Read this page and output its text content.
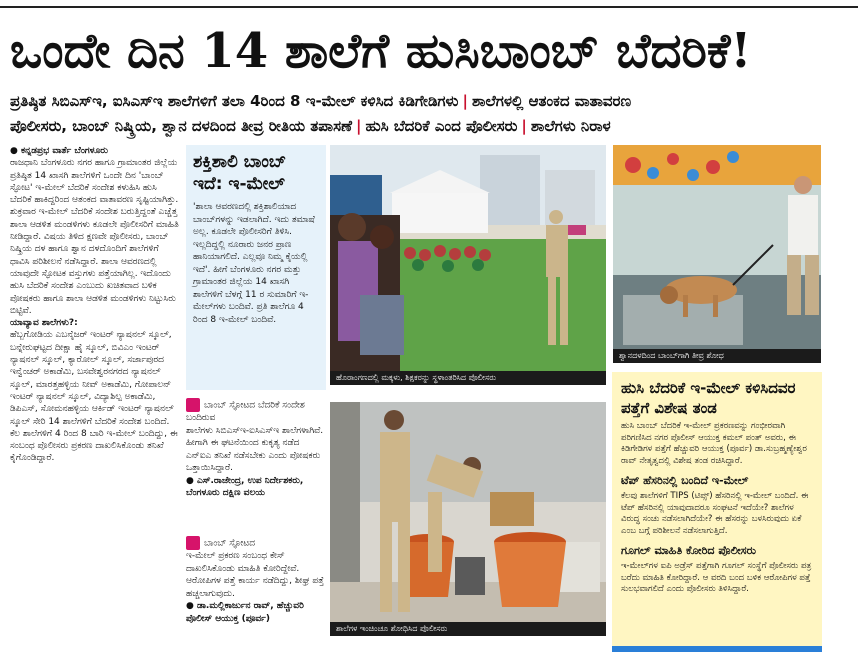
ಒಂದೇ ದಿನ 14 ಶಾಲೆಗೆ ಹುಸಿಬಾಂಬ್ ಬೆದರಿಕೆ!
ಪ್ರತಿಷ್ಠಿತ ಸಿಬಿಎಸ್‌ಇ, ಐಸಿಎಸ್‌ಇ ಶಾಲೆಗಳಿಗೆ ತಲಾ 4ರಿಂದ 8 ಇ-ಮೇಲ್ ಕಳಿಸಿದ ಕಿಡಿಗೇಡಿಗಳು | ಶಾಲೆಗಳಲ್ಲಿ ಆತಂಕದ ವಾತಾವರಣ
ಪೊಲೀಸರು, ಬಾಂಬ್ ನಿಷ್ಕ್ರಿಯ, ಶ್ವಾನ ದಳದಿಂದ ತೀವ್ರ ರೀತಿಯ ತಪಾಸಣೆ | ಹುಸಿ ಬೆದರಿಕೆ ಎಂದ ಪೊಲೀಸರು | ಶಾಲೆಗಳು ನಿರಾಳ
● ಕನ್ನಡಪ್ರಭ ವಾರ್ತೆ ಬೆಂಗಳೂರು
ರಾಜಧಾನಿ ಬೆಂಗಳೂರು ನಗರ ಹಾಗೂ ಗ್ರಾಮಾಂತರ ಜಿಲ್ಲೆಯ ಪ್ರತಿಷ್ಠಿತ 14 ಖಾಸಗಿ ಶಾಲೆಗಳಿಗೆ ಒಂದೇ ದಿನ 'ಬಾಂಬ್ ಸ್ಫೋಟ' ಇ-ಮೇಲ್ ಬೆದರಿಕೆ ಸಂದೇಶ ಕಳುಹಿಸಿ ಹುಸಿ ಬೆದರಿಕೆ ಹಾಕಿದ್ದರಿಂದ ಆತಂಕದ ವಾತಾವರಣ ಸೃಷ್ಟಿಯಾಗಿತ್ತು.
ಶುಕ್ರವಾರ ಇ-ಮೇಲ್ ಬೆದರಿಕೆ ಸಂದೇಶ ಬರುತ್ತಿದ್ದಂತೆ ಎಚ್ಚೆತ್ತ ಶಾಲಾ ಆಡಳಿತ ಮಂಡಳಿಗಳು ಕೂಡಲೇ ಪೊಲೀಸರಿಗೆ ಮಾಹಿತಿ ನೀಡಿದ್ದಾರೆ. ವಿಷಯ ತಿಳಿದ ಕ್ಷಣವೇ ಪೊಲೀಸರು, ಬಾಂಬ್ ನಿಷ್ಕ್ರಿಯ ದಳ ಹಾಗೂ ಶ್ವಾನ ದಳದೊಂದಿಗೆ ಶಾಲೆಗಳಿಗೆ ಧಾವಿಸಿ ಪರಿಶೀಲನೆ ನಡೆಸಿದ್ದಾರೆ. ಶಾಲಾ ಆವರಣದಲ್ಲಿ ಯಾವುದೇ ಸ್ಫೋಟಕ ವಸ್ತುಗಳು ಪತ್ತೆಯಾಗಿಲ್ಲ. ಇದೊಂದು ಹುಸಿ ಬೆದರಿಕೆ ಸಂದೇಶ ಎಂಬುದು ಖಚಿತವಾದ ಬಳಿಕ ಪೋಷಕರು ಹಾಗೂ ಶಾಲಾ ಆಡಳಿತ ಮಂಡಳಿಗಳು ನಿಟ್ಟುಸಿರು ಬಿಟ್ಟಿವೆ.
ಯಾವ್ಯಾವ ಶಾಲೆಗಳು?:
ಹೆಬ್ಬಗೋಡಿಯ ಎಬನೈಜರ್ ಇಂಟರ್ ನ್ಯಾಷನಲ್ ಸ್ಕೂಲ್, ಬನ್ನೇರುಘಟ್ಟದ ದೀಕ್ಷಾ ಹೈ ಸ್ಕೂಲ್, ಬಿವಿಎಂ ಇಂಟರ್ ನ್ಯಾಷನಲ್ ಸ್ಕೂಲ್, ಕ್ಯಾರೋಲ್ ಸ್ಕೂಲ್, ಸರ್ಜಾಪುರದ ಇನ್ವೆಂಚರ್ ಅಕಾಡೆಮಿ, ಬಸವೇಶ್ವರನಗರದ ನ್ಯಾಷನಲ್ ಸ್ಕೂಲ್, ಮಾರತ್ತಹಳ್ಳಿಯ ನೀವ್ ಅಕಾಡೆಮಿ, ಗೋಪಾಲನ್ ಇಂಟರ್ ನ್ಯಾಷನಲ್ ಸ್ಕೂಲ್, ವಿದ್ಯಾಶಿಲ್ಪ ಅಕಾಡೆಮಿ, ಡಿಪಿಎಸ್, ಸೋಮನಹಳ್ಳಿಯ ಆರ್ಕಿಡ್ ಇಂಟರ್ ನ್ಯಾಷನಲ್ ಸ್ಕೂಲ್ ಸೇರಿ 14 ಶಾಲೆಗಳಿಗೆ ಬೆದರಿಕೆ ಸಂದೇಶ ಬಂದಿದೆ. ಕೆಲ ಶಾಲೆಗಳಿಗೆ 4 ರಿಂದ 8 ಬಾರಿ ಇ-ಮೇಲ್ ಬಂದಿದ್ದು, ಈ ಸಂಬಂಧ ಪೊಲೀಸರು ಪ್ರಕರಣ ದಾಖಲಿಸಿಕೊಂಡು ತನಿಖೆ ಕೈಗೊಂಡಿದ್ದಾರೆ.
ಶಕ್ತಿಶಾಲಿ ಬಾಂಬ್ ಇದೆ: ಇ-ಮೇಲ್
'ಶಾಲಾ ಆವರಣದಲ್ಲಿ ಶಕ್ತಿಶಾಲಿಯಾದ ಬಾಂಬ್‌ಗಳನ್ನು ಇಡಲಾಗಿದೆ. ಇದು ತಮಾಷೆ ಅಲ್ಲ. ಕೂಡಲೇ ಪೊಲೀಸರಿಗೆ ತಿಳಿಸಿ. ಇಲ್ಲದಿದ್ದಲ್ಲಿ ನೂರಾರು ಜನರ ಪ್ರಾಣ ಹಾನಿಯಾಗಲಿದೆ. ಎಲ್ಲವೂ ನಿಮ್ಮ ಕೈಯಲ್ಲಿ ಇದೆ'. ಹೀಗೆ ಬೆಂಗಳೂರು ನಗರ ಮತ್ತು ಗ್ರಾಮಾಂತರ ಜಿಲ್ಲೆಯ 14 ಖಾಸಗಿ ಶಾಲೆಗಳಿಗೆ ಬೆಳಗ್ಗೆ 11 ರ ಸುಮಾರಿಗೆ ಇ-ಮೇಲ್‌ಗಳು ಬಂದಿವೆ. ಪ್ರತಿ ಶಾಲೆಗೂ 4 ರಿಂದ 8 ಇ-ಮೇಲ್ ಬಂದಿವೆ.
ಬಾಂಬ್ ಸ್ಫೋಟದ ಬೆದರಿಕೆ ಸಂದೇಶ ಬಂದಿರುವ
ಶಾಲೆಗಳು ಸಿಬಿಎಸ್‌ಇ-ಐಸಿಎಸ್‌ಇ ಶಾಲೆಗಳಾಗಿವೆ. ಹೀಗಾಗಿ ಈ ಘಟನೆಯಿಂದ ಕುಕೃತ್ಯ ನಡೆದ ಎನ್‌ಐಎ ತನಿಖೆ ನಡೆಸಬೇಕು ಎಂದು ಪೋಷಕರು ಒತ್ತಾಯಿಸಿದ್ದಾರೆ.
● ಎಸ್.ರಾಜೇಂದ್ರ, ಉಪ ನಿರ್ದೇಶಕರು, ಬೆಂಗಳೂರು ದಕ್ಷಿಣ ವಲಯ
ಬಾಂಬ್ ಸ್ಫೋಟದ
ಇ-ಮೇಲ್ ಪ್ರಕರಣ ಸಂಬಂಧ ಕೇಸ್ ದಾಖಲಿಸಿಕೊಂಡು ಮಾಹಿತಿ ಕೋರಿದ್ದೇವೆ. ಆರೋಪಿಗಳ ಪತ್ತೆ ಕಾರ್ಯ ನಡೆದಿದ್ದು, ಶೀಘ್ರ ಪತ್ತೆ ಹಚ್ಚಲಾಗುವುದು.
● ಡಾ.ಮಲ್ಲಿಕಾರ್ಜುನ ರಾವ್, ಹೆಚ್ಚುವರಿ ಪೊಲೀಸ್ ಆಯುಕ್ತ (ಪೂರ್ವ)
ಹೊರಾಂಗಣದಲ್ಲಿ ಮಕ್ಕಳು, ಶಿಕ್ಷಕರನ್ನು ಸ್ಥಳಾಂತರಿಸಿದ ಪೊಲೀಸರು
ಶ್ವಾನದಳದಿಂದ ಬಾಂಬ್‌ಗಾಗಿ ತೀವ್ರ ಶೋಧ
ಶಾಲೆಗಳ ಇಂಚಿಂಚೂ ಶೋಧಿಸಿದ ಪೊಲೀಸರು
ಹುಸಿ ಬೆದರಿಕೆ ಇ-ಮೇಲ್ ಕಳಿಸಿದವರ ಪತ್ತೆಗೆ ವಿಶೇಷ ತಂಡ
ಹುಸಿ ಬಾಂಬ್ ಬೆದರಿಕೆ ಇ-ಮೇಲ್ ಪ್ರಕರಣವನ್ನು ಗಂಭೀರವಾಗಿ ಪರಿಗಣಿಸಿದ ನಗರ ಪೊಲೀಸ್ ಆಯುಕ್ತ ಕಮಲ್ ಪಂತ್ ಅವರು, ಈ ಕಿಡಿಗೇಡಿಗಳ ಪತ್ತೆಗೆ ಹೆಚ್ಚುವರಿ ಆಯುಕ್ತ (ಪೂರ್ವ) ಡಾ.ಸುಬ್ರಹ್ಮಣ್ಯೇಶ್ವರ ರಾವ್ ನೇತೃತ್ವದಲ್ಲಿ ವಿಶೇಷ ತಂಡ ರಚಿಸಿದ್ದಾರೆ.
ಟೆಪ್ ಹೆಸರಿನಲ್ಲಿ ಬಂದಿದೆ ಇ-ಮೇಲ್
ಕೆಲವು ಶಾಲೆಗಳಿಗೆ TIPS (ಟಿಪ್ಸ್) ಹೆಸರಿನಲ್ಲಿ ಇ-ಮೇಲ್ ಬಂದಿದೆ. ಈ ಟೆಪ್ ಹೆಸರಿನಲ್ಲಿ ಯಾವುದಾದರೂ ಸಂಘಟನೆ ಇದೆಯೇ? ಶಾಲೆಗಳ ವಿರುದ್ಧ ಸಂಚು ನಡೆಸಲಾಗಿದೆಯೇ? ಈ ಹೆಸರನ್ನು ಬಳಸಿರುವುದು ಏಕೆ ಎಂಬ ಬಗ್ಗೆ ಪರಿಶೀಲನೆ ನಡೆಸಲಾಗುತ್ತಿದೆ.
ಗೂಗಲ್ ಮಾಹಿತಿ ಕೋರಿದ ಪೊಲೀಸರು
ಇ-ಮೇಲ್‌ಗಳ ಐಪಿ ಅಡ್ರೆಸ್ ಪತ್ತೆಗಾಗಿ ಗೂಗಲ್ ಸಂಸ್ಥೆಗೆ ಪೊಲೀಸರು ಪತ್ರ ಬರೆದು ಮಾಹಿತಿ ಕೋರಿದ್ದಾರೆ. ಆ ವರದಿ ಬಂದ ಬಳಿಕ ಆರೋಪಿಗಳ ಪತ್ತೆ ಸುಲಭವಾಗಲಿದೆ ಎಂದು ಪೊಲೀಸರು ತಿಳಿಸಿದ್ದಾರೆ.
